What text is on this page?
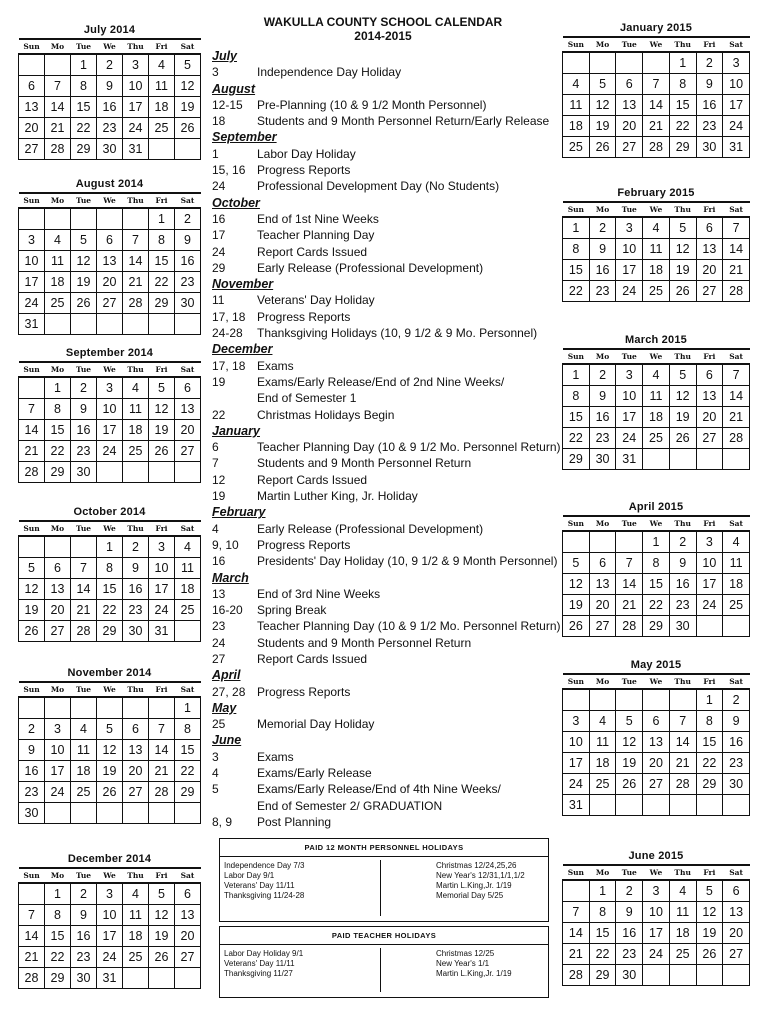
July 2014
Sun	Mo	Tue	We	Thu	Fri	Sat
		1	2	3	4	5
6	7	8	9	10	11	12
13	14	15	16	17	18	19
20	21	22	23	24	25	26
27	28	29	30	31		
August 2014
Sun	Mo	Tue	We	Thu	Fri	Sat
					1	2
3	4	5	6	7	8	9
10	11	12	13	14	15	16
17	18	19	20	21	22	23
24	25	26	27	28	29	30
31						
September 2014
Sun	Mo	Tue	We	Thu	Fri	Sat
	1	2	3	4	5	6
7	8	9	10	11	12	13
14	15	16	17	18	19	20
21	22	23	24	25	26	27
28	29	30				
October 2014
Sun	Mo	Tue	We	Thu	Fri	Sat
			1	2	3	4
5	6	7	8	9	10	11
12	13	14	15	16	17	18
19	20	21	22	23	24	25
26	27	28	29	30	31	
November 2014
Sun	Mo	Tue	We	Thu	Fri	Sat
						1
2	3	4	5	6	7	8
9	10	11	12	13	14	15
16	17	18	19	20	21	22
23	24	25	26	27	28	29
30						
December 2014
Sun	Mo	Tue	We	Thu	Fri	Sat
	1	2	3	4	5	6
7	8	9	10	11	12	13
14	15	16	17	18	19	20
21	22	23	24	25	26	27
28	29	30	31			
January 2015
Sun	Mo	Tue	We	Thu	Fri	Sat
				1	2	3
4	5	6	7	8	9	10
11	12	13	14	15	16	17
18	19	20	21	22	23	24
25	26	27	28	29	30	31
February 2015
Sun	Mo	Tue	We	Thu	Fri	Sat
1	2	3	4	5	6	7
8	9	10	11	12	13	14
15	16	17	18	19	20	21
22	23	24	25	26	27	28
March 2015
Sun	Mo	Tue	We	Thu	Fri	Sat
1	2	3	4	5	6	7
8	9	10	11	12	13	14
15	16	17	18	19	20	21
22	23	24	25	26	27	28
29	30	31				
April 2015
Sun	Mo	Tue	We	Thu	Fri	Sat
			1	2	3	4
5	6	7	8	9	10	11
12	13	14	15	16	17	18
19	20	21	22	23	24	25
26	27	28	29	30		
May 2015
Sun	Mo	Tue	We	Thu	Fri	Sat
					1	2
3	4	5	6	7	8	9
10	11	12	13	14	15	16
17	18	19	20	21	22	23
24	25	26	27	28	29	30
31						
June 2015
Sun	Mo	Tue	We	Thu	Fri	Sat
	1	2	3	4	5	6
7	8	9	10	11	12	13
14	15	16	17	18	19	20
21	22	23	24	25	26	27
28	29	30				
WAKULLA COUNTY SCHOOL CALENDAR
2014-2015
July
3	Independence Day Holiday
August
12-15 Pre-Planning (10 & 9 1/2 Month Personnel)
18	Students and 9 Month Personnel Return/Early Release
September
1	Labor Day Holiday
15, 16 Progress Reports
24	Professional Development Day (No Students)
October
16	End of 1st Nine Weeks
17	Teacher Planning Day
24	Report Cards Issued
29	Early Release (Professional Development)
November
11	Veterans' Day Holiday
17, 18 Progress Reports
24-28 Thanksgiving Holidays (10, 9 1/2 & 9 Mo. Personnel)
December
17, 18 Exams
19	Exams/Early Release/End of 2nd Nine Weeks/
End of Semester 1
22	Christmas Holidays Begin
January
6	Teacher Planning Day (10 & 9 1/2 Mo. Personnel Return)
7	Students and 9 Month Personnel Return
12	Report Cards Issued
19	Martin Luther King, Jr. Holiday
February
4	Early Release (Professional Development)
9, 10 Progress Reports
16	Presidents' Day Holiday (10, 9 1/2 & 9 Month Personnel)
March
13	End of 3rd Nine Weeks
16-20 Spring Break
23	Teacher Planning Day (10 & 9 1/2 Mo. Personnel Return)
24	Students and 9 Month Personnel Return
27	Report Cards Issued
April
27, 28 Progress Reports
May
25	Memorial Day Holiday
June
3	Exams
4	Exams/Early Release
5	Exams/Early Release/End of 4th Nine Weeks/
End of Semester 2/ GRADUATION
8, 9 Post Planning
PAID 12 MONTH PERSONNEL HOLIDAYS
Independence Day 7/3
Labor Day 9/1
Veterans' Day 11/11
Thanksgiving 11/24-28
Christmas 12/24,25,26
New Year's 12/31,1/1,1/2
Martin L.King,Jr. 1/19
Memorial Day 5/25
PAID TEACHER HOLIDAYS
Labor Day Holiday 9/1
Veterans' Day 11/11
Thanksgiving 11/27
Christmas 12/25
New Year's 1/1
Martin L.King,Jr. 1/19
